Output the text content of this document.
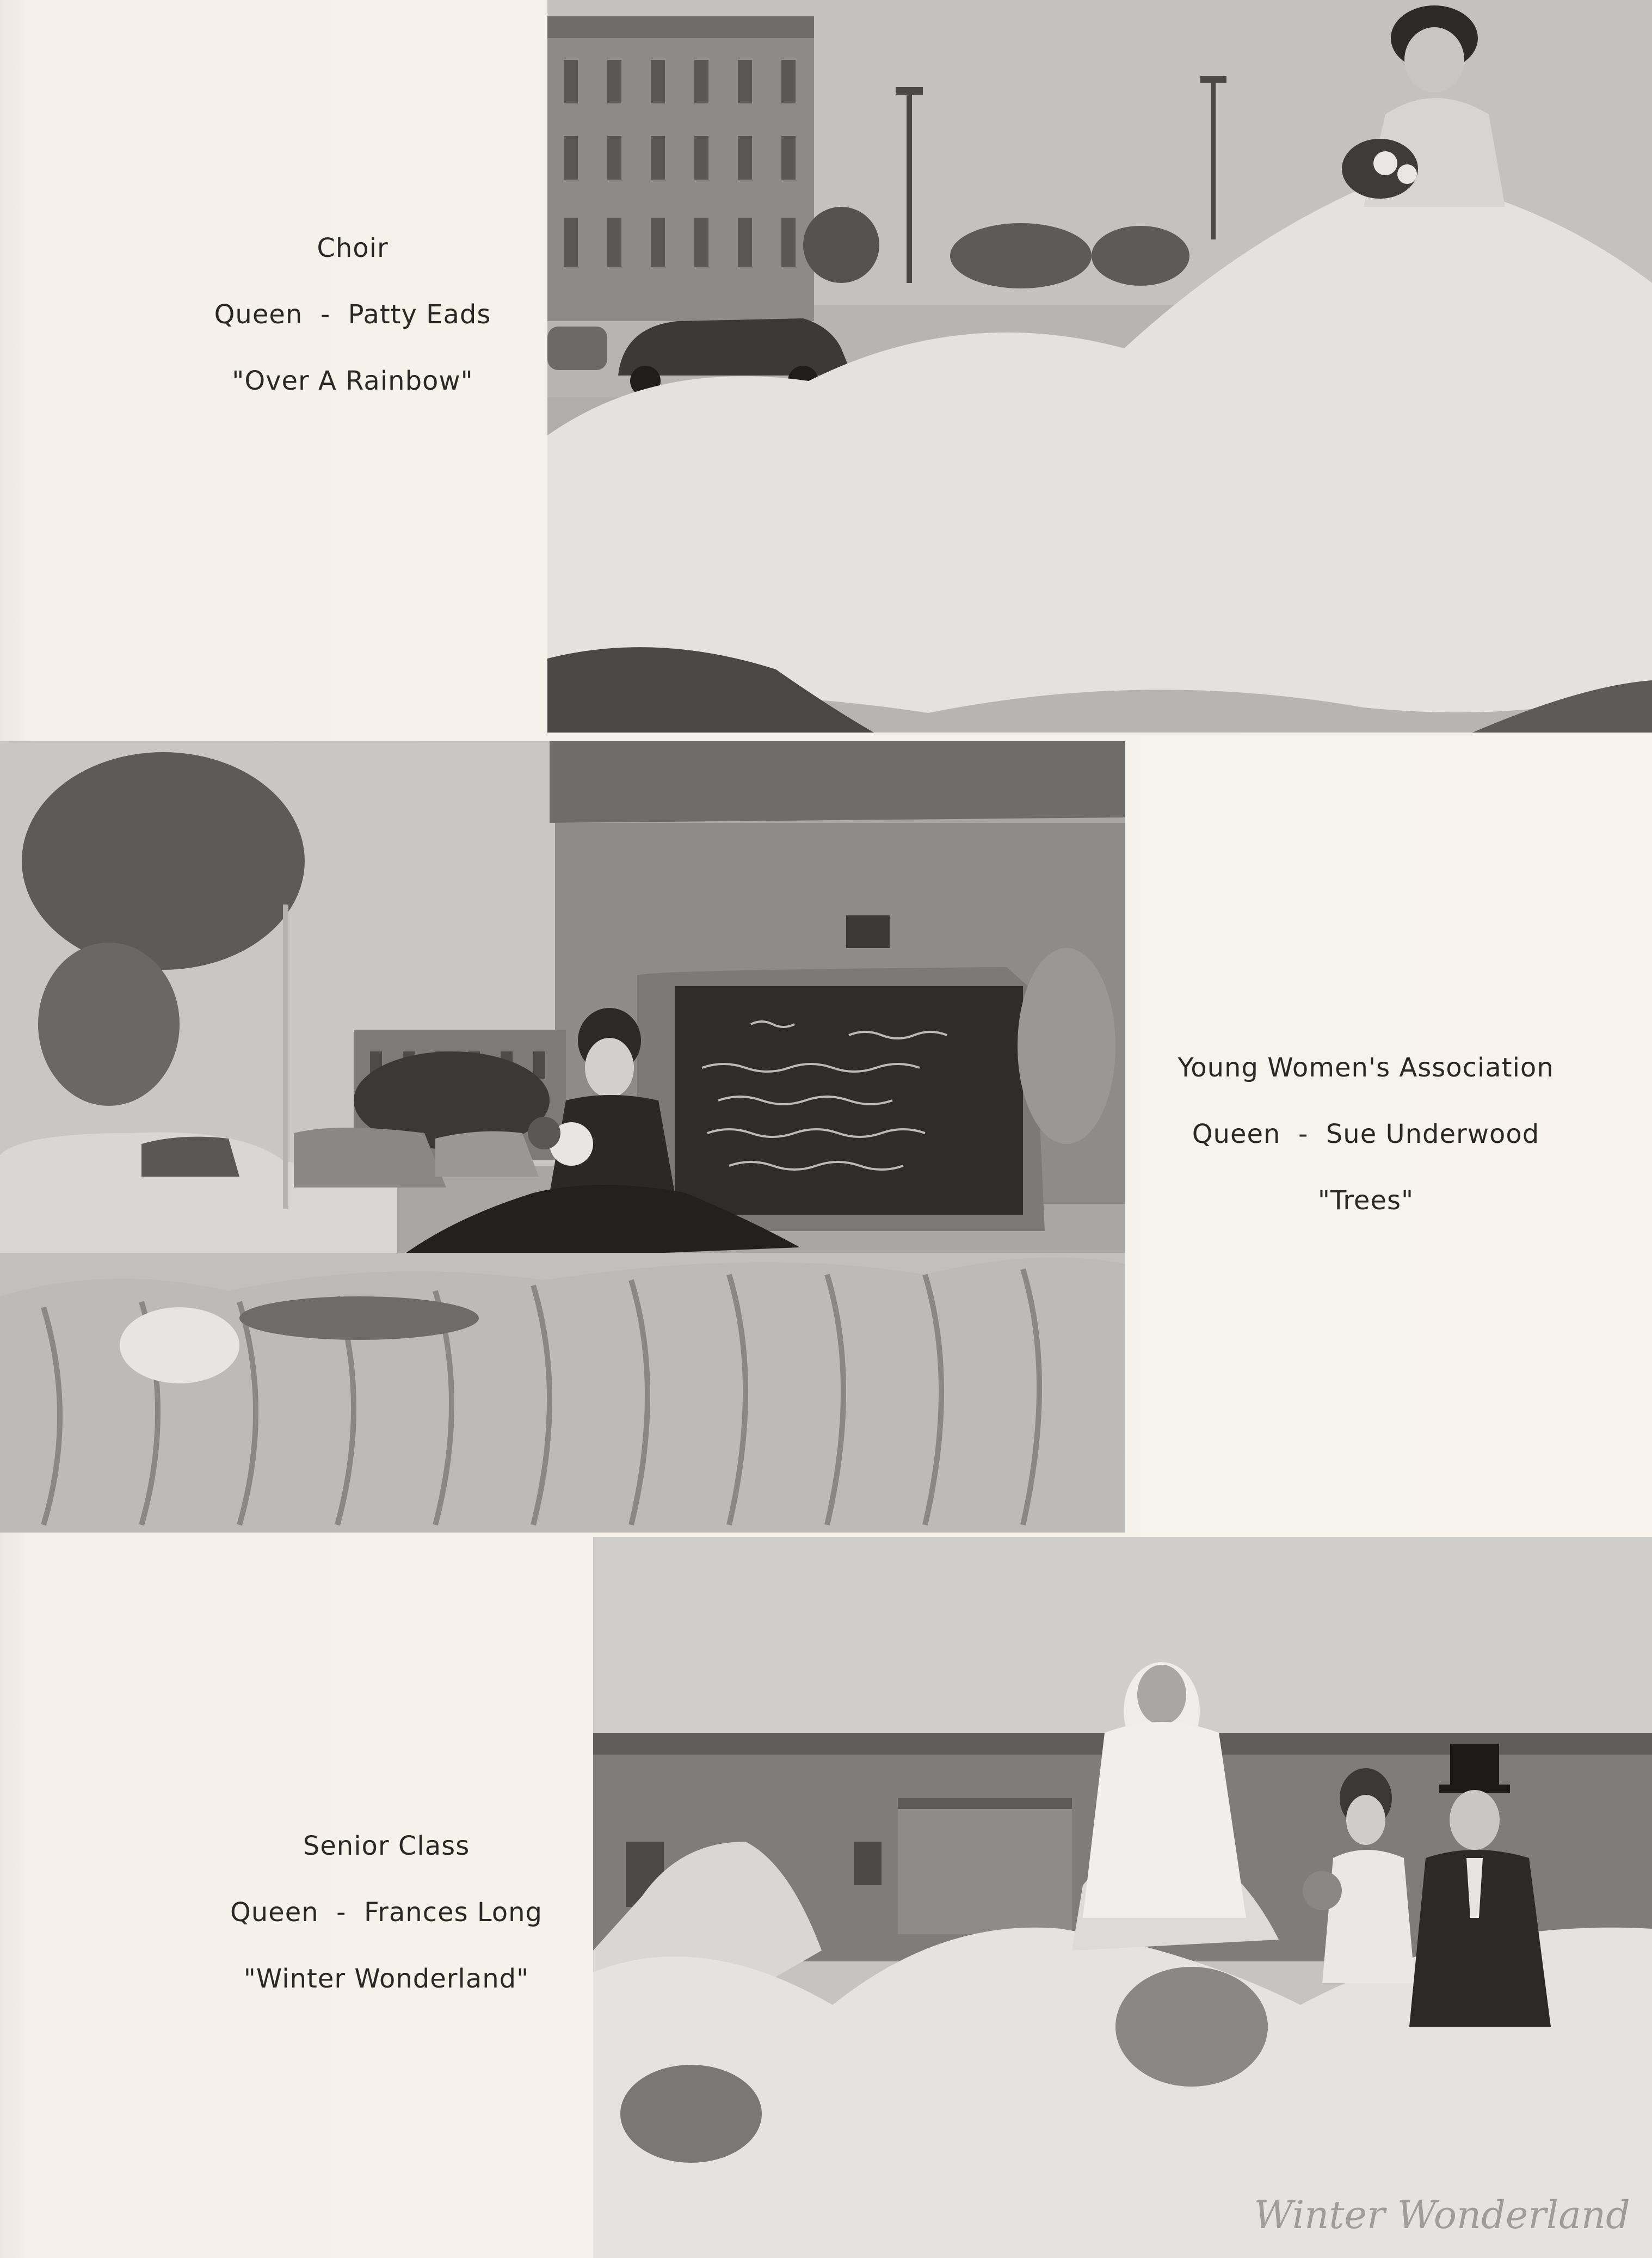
Choir
Queen  -  Patty Eads
"Over A Rainbow"
Young Women's Association
Queen  -  Sue Underwood
"Trees"
Senior Class
Queen  -  Frances Long
"Winter Wonderland"
Winter Wonderland
